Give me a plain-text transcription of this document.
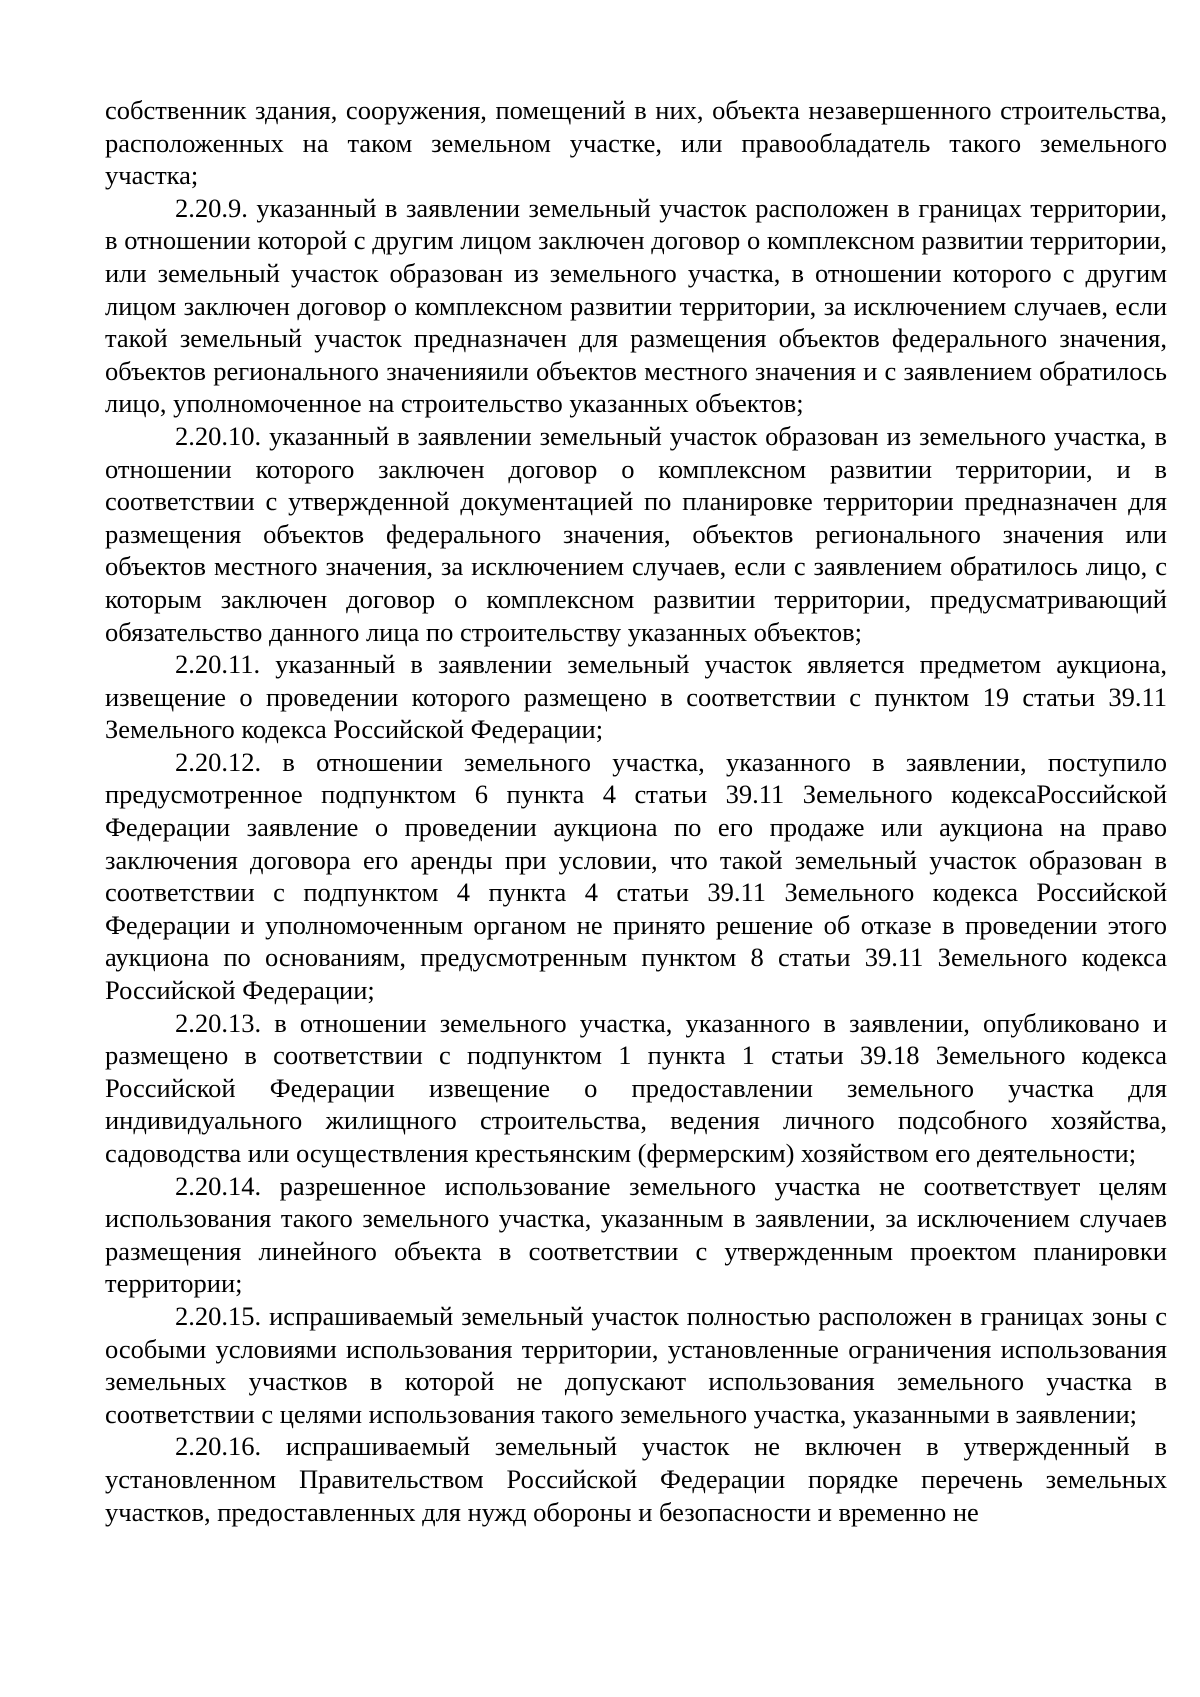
собственник здания, сооружения, помещений в них, объекта незавершенного строительства, расположенных на таком земельном участке, или правообладатель такого земельного участка;

2.20.9. указанный в заявлении земельный участок расположен в границах территории, в отношении которой с другим лицом заключен договор о комплексном развитии территории, или земельный участок образован из земельного участка, в отношении которого с другим лицом заключен договор о комплексном развитии территории, за исключением случаев, если такой земельный участок предназначен для размещения объектов федерального значения, объектов регионального значенияили объектов местного значения и с заявлением обратилось лицо, уполномоченное на строительство указанных объектов;

2.20.10. указанный в заявлении земельный участок образован из земельного участка, в отношении которого заключен договор о комплексном развитии территории, и в соответствии с утвержденной документацией по планировке территории предназначен для размещения объектов федерального значения, объектов регионального значения или объектов местного значения, за исключением случаев, если с заявлением обратилось лицо, с которым заключен договор о комплексном развитии территории, предусматривающий обязательство данного лица по строительству указанных объектов;

2.20.11. указанный в заявлении земельный участок является предметом аукциона, извещение о проведении которого размещено в соответствии с пунктом 19 статьи 39.11 Земельного кодекса Российской Федерации;

2.20.12. в отношении земельного участка, указанного в заявлении, поступило предусмотренное подпунктом 6 пункта 4 статьи 39.11 Земельного кодексаРоссийской Федерации заявление о проведении аукциона по его продаже или аукциона на право заключения договора его аренды при условии, что такой земельный участок образован в соответствии с подпунктом 4 пункта 4 статьи 39.11 Земельного кодекса Российской Федерации и уполномоченным органом не принято решение об отказе в проведении этого аукциона по основаниям, предусмотренным пунктом 8 статьи 39.11 Земельного кодекса Российской Федерации;

2.20.13. в отношении земельного участка, указанного в заявлении, опубликовано и размещено в соответствии с подпунктом 1 пункта 1 статьи 39.18 Земельного кодекса Российской Федерации извещение о предоставлении земельного участка для индивидуального жилищного строительства, ведения личного подсобного хозяйства, садоводства или осуществления крестьянским (фермерским) хозяйством его деятельности;

2.20.14. разрешенное использование земельного участка не соответствует целям использования такого земельного участка, указанным в заявлении, за исключением случаев размещения линейного объекта в соответствии с утвержденным проектом планировки территории;

2.20.15. испрашиваемый земельный участок полностью расположен в границах зоны с особыми условиями использования территории, установленные ограничения использования земельных участков в которой не допускают использования земельного участка в соответствии с целями использования такого земельного участка, указанными в заявлении;

2.20.16. испрашиваемый земельный участок не включен в утвержденный в установленном Правительством Российской Федерации порядке перечень земельных участков, предоставленных для нужд обороны и безопасности и временно не
